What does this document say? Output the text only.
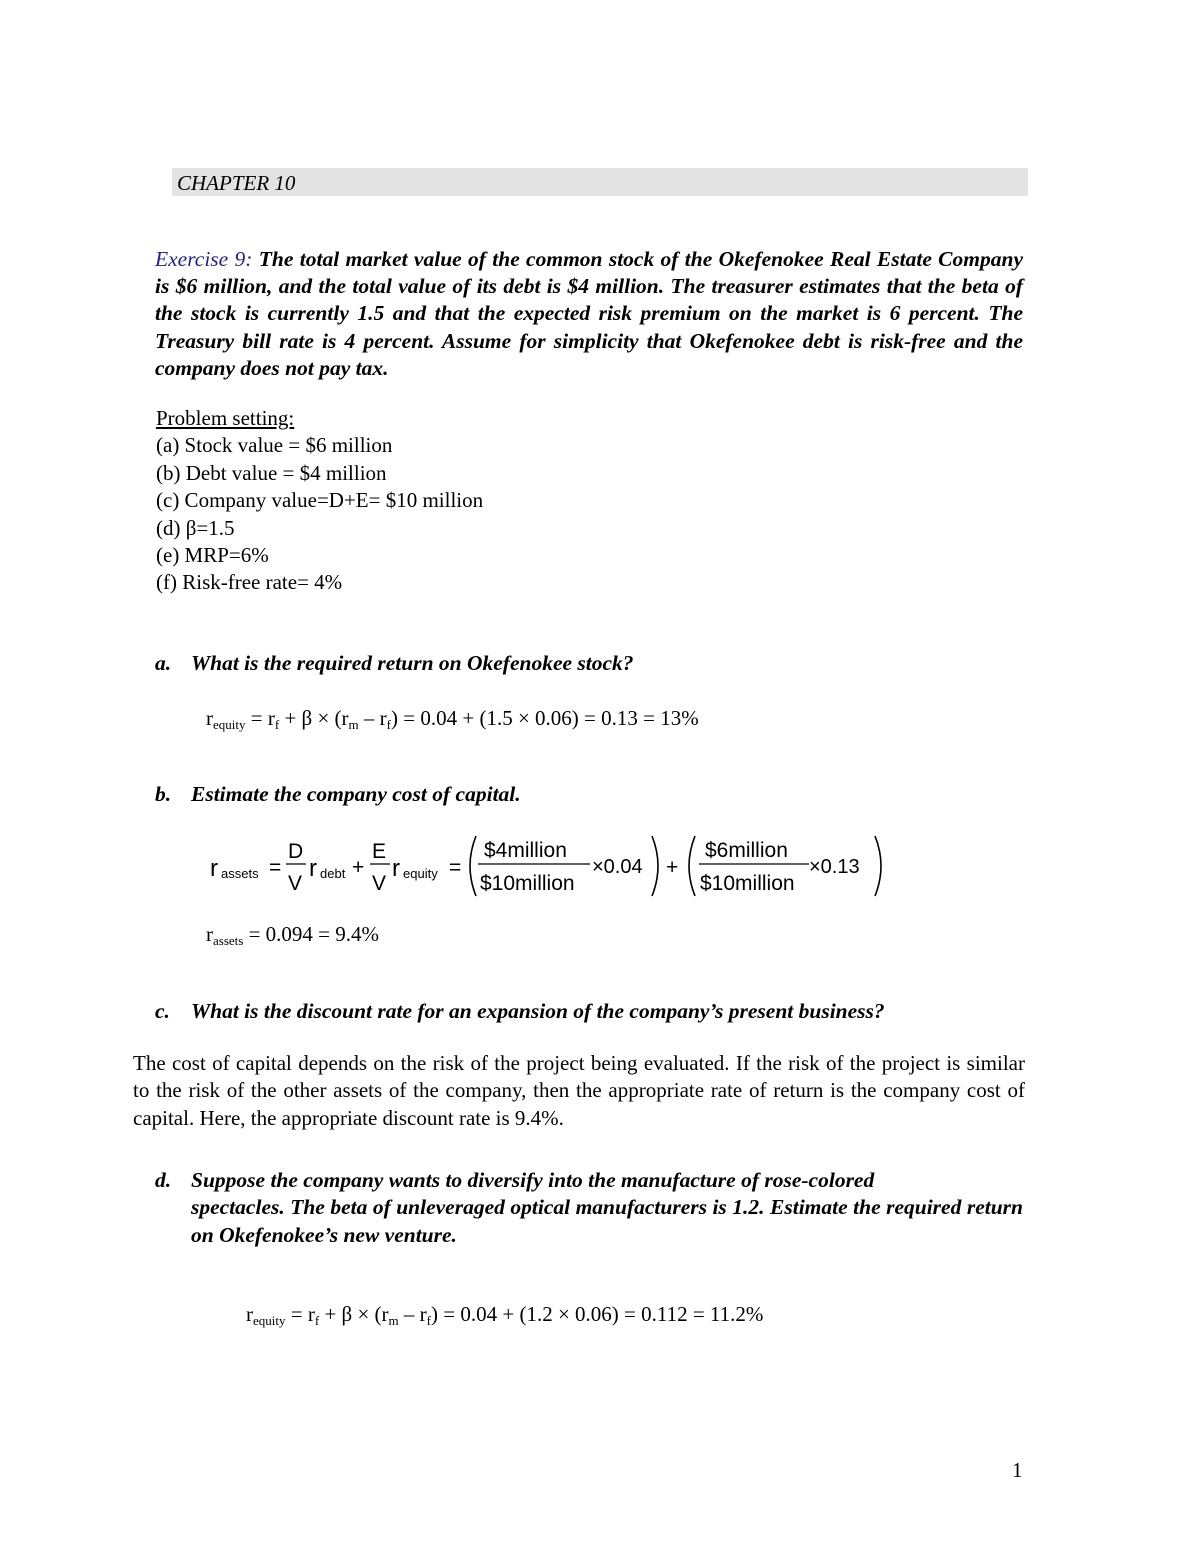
CHAPTER 10
Exercise 9: The total market value of the common stock of the Okefenokee Real Estate Company is $6 million, and the total value of its debt is $4 million. The treasurer estimates that the beta of the stock is currently 1.5 and that the expected risk premium on the market is 6 percent. The Treasury bill rate is 4 percent. Assume for simplicity that Okefenokee debt is risk-free and the company does not pay tax.
Problem setting:
(a) Stock value = $6 million
(b) Debt value = $4 million
(c) Company value=D+E= $10 million
(d) β=1.5
(e) MRP=6%
(f) Risk-free rate= 4%
a. What is the required return on Okefenokee stock?
$r_{equity} = r_f + \beta \times (r_m - r_f) = 0.04 + (1.5 \times 0.06) = 0.13 = 13\%$
b. Estimate the company cost of capital.
r assets =
D
V
r debt +
E
V
r equity =
$4million
$10million
×0.04 +
$6million
$10million
×0.13
$r_{assets} = 0.094 = 9.4\%$
c. What is the discount rate for an expansion of the company’s present business?
The cost of capital depends on the risk of the project being evaluated. If the risk of the project is similar to the risk of the other assets of the company, then the appropriate rate of return is the company cost of capital. Here, the appropriate discount rate is 9.4%.
d. Suppose the company wants to diversify into the manufacture of rose-colored
spectacles. The beta of unleveraged optical manufacturers is 1.2. Estimate the required return on Okefenokee’s new venture.
$r_{equity} = r_f + \beta \times (r_m - r_f) = 0.04 + (1.2 \times 0.06) = 0.112 = 11.2\%$
1
